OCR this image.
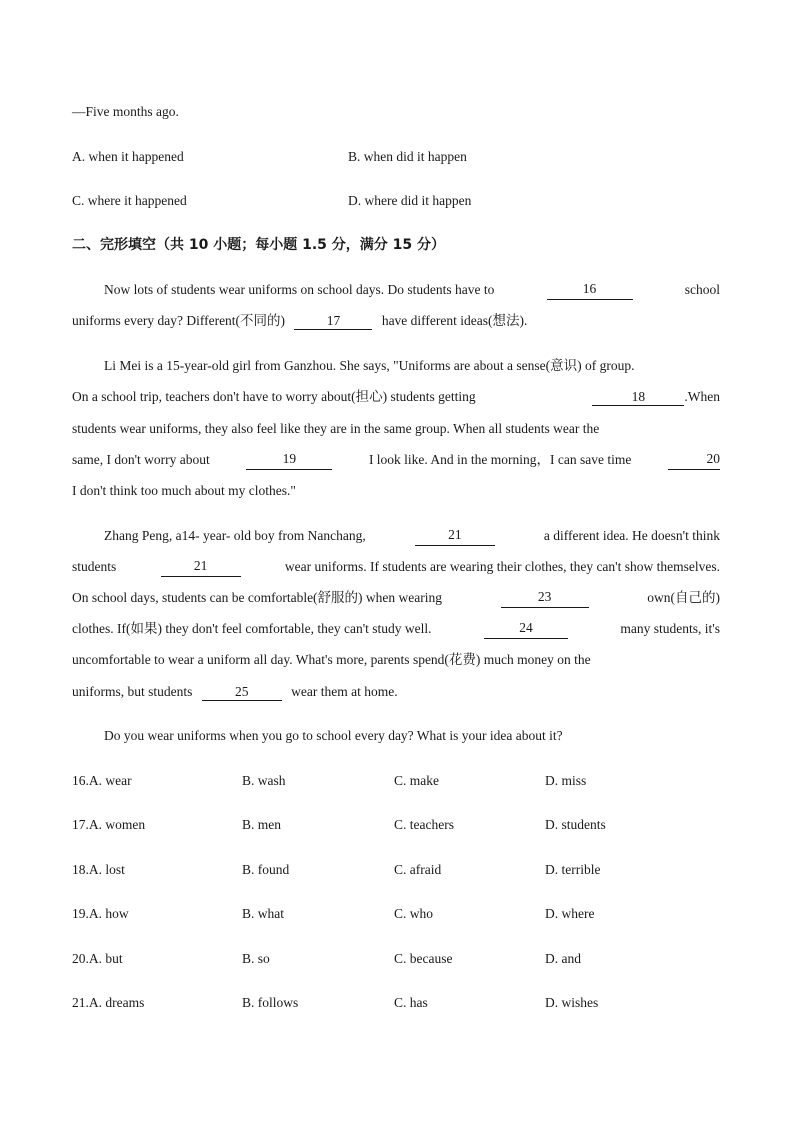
—Five months ago.
A. when it happened	B. when did it happen
C. where it happened	D. where did it happen
二、完形填空（共 10 小题；每小题 1.5 分，满分 15 分）
Now lots of students wear uniforms on school days. Do students have to	16	school
uniforms every day? Different(不同的)	17	have different ideas(想法).
Li Mei is a 15-year-old girl from Ganzhou. She says, "Uniforms are about a sense(意识) of group.
On a school trip, teachers don't have to worry about(担心) students getting	18	.When
students wear uniforms, they also feel like they are in the same group. When all students wear the
same, I don't worry about	19	I look like. And in the morning，I can save time	20
I don't think too much about my clothes."
Zhang Peng, a14- year- old boy from Nanchang,	21	a different idea. He doesn't think
students	21	wear uniforms. If students are wearing their clothes, they can't show themselves.
On school days, students can be comfortable(舒服的) when wearing	23	own(自己的)
clothes. If(如果) they don't feel comfortable, they can't study well.	24	many students, it's
uncomfortable to wear a uniform all day. What's more, parents spend(花费) much money on the
uniforms, but students	25	wear them at home.
Do you wear uniforms when you go to school every day? What is your idea about it?
16.A. wear	B. wash	C. make	D. miss
17.A. women	B. men	C. teachers	D. students
18.A. lost	B. found	C. afraid	D. terrible
19.A. how	B. what	C. who	D. where
20.A. but	B. so	C. because	D. and
21.A. dreams	B. follows	C. has	D. wishes
